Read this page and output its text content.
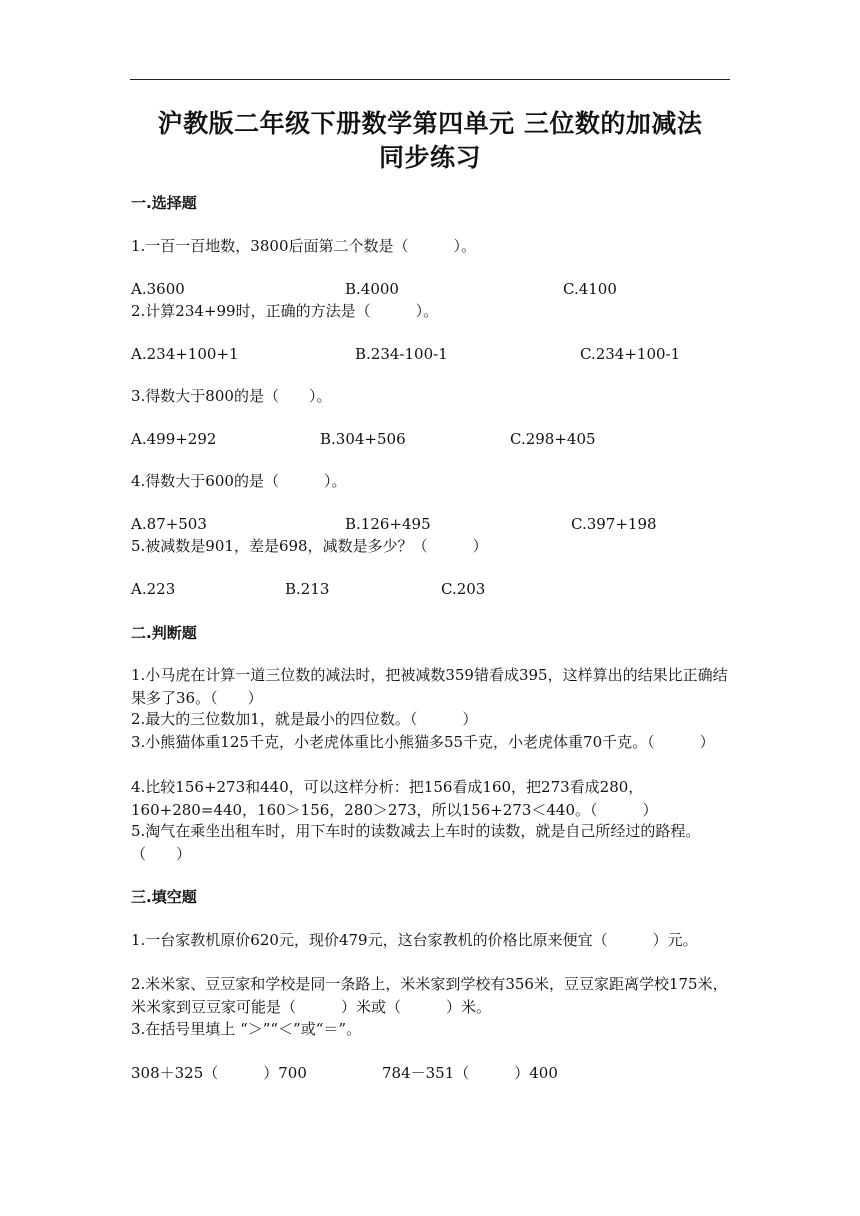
沪教版二年级下册数学第四单元 三位数的加减法
同步练习
一.选择题
1.一百一百地数，3800后面第二个数是（　　　）。
A.3600	B.4000	C.4100
2.计算234+99时，正确的方法是（　　　）。
A.234+100+1	B.234-100-1	C.234+100-1
3.得数大于800的是（　　）。
A.499+292	B.304+506	C.298+405
4.得数大于600的是（　　　）。
A.87+503	B.126+495	C.397+198
5.被减数是901，差是698，减数是多少？（　　　）
A.223	B.213	C.203
二.判断题
1.小马虎在计算一道三位数的减法时，把被减数359错看成395，这样算出的结果比正确结果多了36。（　　）
2.最大的三位数加1，就是最小的四位数。（　　　）
3.小熊猫体重125千克，小老虎体重比小熊猫多55千克，小老虎体重70千克。（　　　）
4.比较156+273和440，可以这样分析：把156看成160，把273看成280，160+280=440，160＞156，280＞273，所以156+273＜440。（　　　）
5.淘气在乘坐出租车时，用下车时的读数减去上车时的读数，就是自己所经过的路程。（　　）
三.填空题
1.一台家教机原价620元，现价479元，这台家教机的价格比原来便宜（　　　）元。
2.米米家、豆豆家和学校是同一条路上，米米家到学校有356米，豆豆家距离学校175米，米米家到豆豆家可能是（　　　）米或（　　　）米。
3.在括号里填上 “＞”“＜”或“＝”。
308＋325（　　　）700	784－351（　　　）400
